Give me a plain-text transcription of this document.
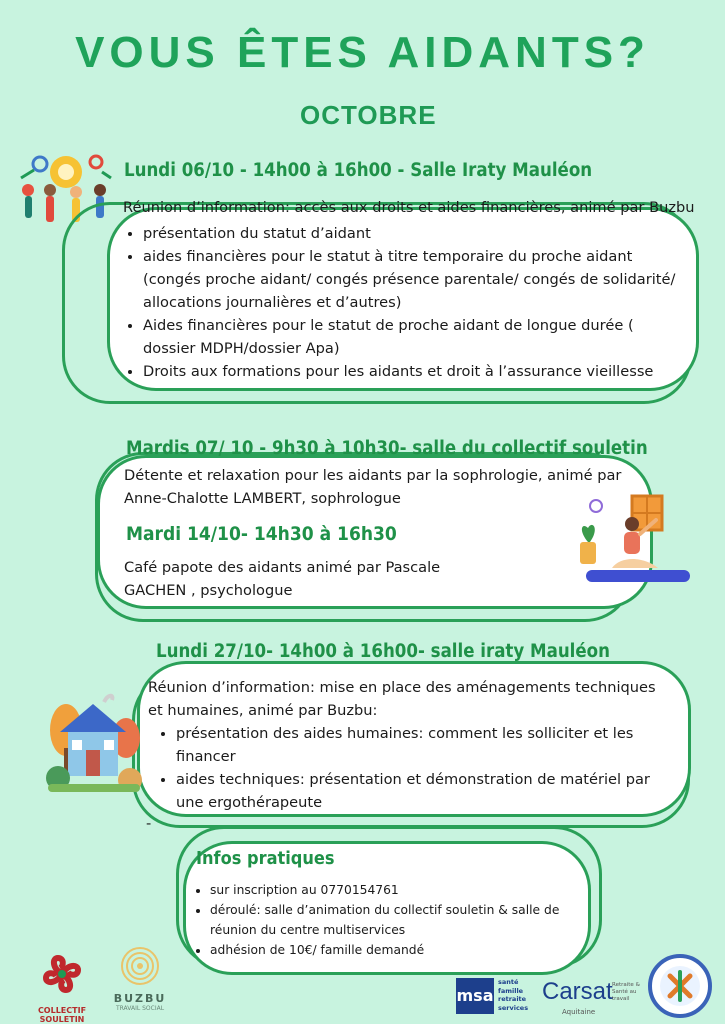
VOUS ÊTES AIDANTS?
OCTOBRE
Lundi 06/10 - 14h00 à 16h00 - Salle Iraty Mauléon
Réunion d’information: accès aux droits et aides financières, animé par Buzbu
• présentation du statut d’aidant
• aides financières pour le statut à titre temporaire du proche aidant (congés proche aidant/ congés présence parentale/ congés de solidarité/ allocations journalières et d’autres)
• Aides financières pour le statut de proche aidant de longue durée ( dossier MDPH/dossier Apa)
• Droits aux formations pour les aidants et droit à l’assurance vieillesse
Mardis 07/ 10 - 9h30 à 10h30- salle du collectif souletin
Détente et relaxation pour les aidants par la sophrologie, animé par Anne-Chalotte LAMBERT, sophrologue
Mardi 14/10- 14h30 à 16h30
Café papote des aidants animé par Pascale GACHEN , psychologue
Lundi 27/10- 14h00 à 16h00- salle iraty Mauléon
Réunion d’information: mise en place des aménagements techniques et humaines, animé par Buzbu:
• présentation des aides humaines: comment les solliciter et les financer
• aides techniques: présentation et démonstration de matériel par une ergothérapeute
-
Infos pratiques
• sur inscription au 0770154761
• déroulé: salle d’animation du collectif souletin & salle de réunion du centre multiservices
• adhésion de 10€/ famille demandé
COLLECTIF SOULETIN
BUZBU
TRAVAIL SOCIAL
msa
santé
famille
retraite
services
Carsat Retraite & Santé au travail
Aquitaine
